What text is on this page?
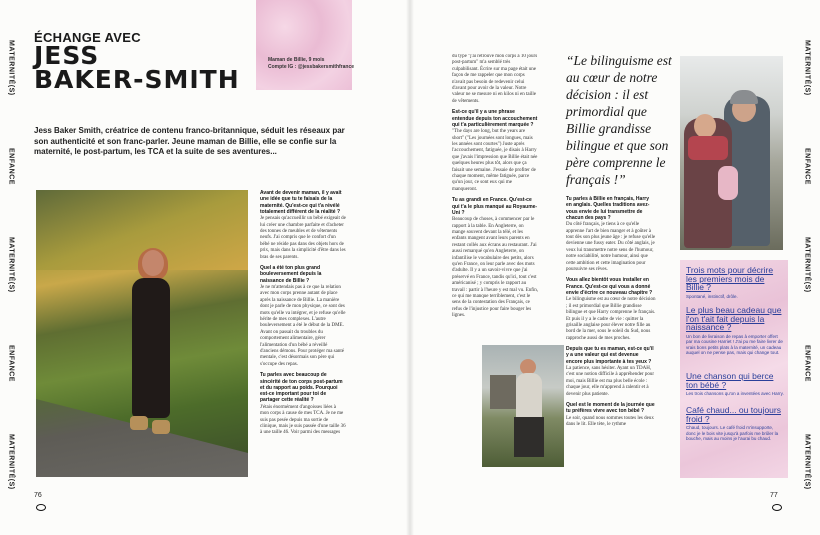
MATERNITÉ(S)
ENFANCE
MATERNITÉ(S)
ENFANCE
MATERNITÉ(S)
MATERNITÉ(S)
ENFANCE
MATERNITÉ(S)
ENFANCE
MATERNITÉ(S)
ÉCHANGE AVEC
JESS
BAKER-SMITH
Maman de Billie, 9 mois
Compte IG : @jessbakersmithfrance

Jess Baker Smith, créatrice de contenu franco-britannique, séduit les réseaux par son authenticité et son franc-parler. Jeune maman de Billie, elle se confie sur la maternité, le post-partum, les TCA et la suite de ses aventures...

Avant de devenir maman, il y avait une idée que tu te faisais de la maternité. Qu'est-ce qui t'a révélé totalement différent de la réalité ?
Je pensais qu'accueillir un bébé exigeait de lui créer une chambre parfaite et d'acheter des tonnes de meubles et de vêtements neufs. J'ai compris que le confort d'un bébé ne réside pas dans des objets hors de prix, mais dans la simplicité d'être dans les bras de ses parents.
Quel a été ton plus grand bouleversement depuis la naissance de Billie ?
Je ne m'attendais pas à ce que la relation avec mon corps prenne autant de place après la naissance de Billie. La manière dont je parle de mon physique, ce sont des mots qu'elle va intégrer, et je refuse qu'elle hérite de mes complexes. L'autre bouleversement a été le début de la DME. Avant on passait du troubles du comportement alimentaire, gérer l'alimentation d'un bébé a réveillé d'anciens démons. Pour protéger ma santé mentale, c'est désormais son père qui s'occupe des repas.
Tu parles avec beaucoup de sincérité de ton corps post-partum et du rapport au poids. Pourquoi est-ce important pour toi de partager cette réalité ?
J'étais énormément d'angoisses liées à mon corps à cause de mes TCA. Je ne me suis pas pesée depuis ma sortie de clinique, mais je suis passée d'une taille 36 à une taille 46. Voir parmi des messages
du type "j'ai retrouvé mon corps à 10 jours post-partum" m'a semblé très culpabilisant. Écrire sur ma page était une façon de me rappeler que mon corps n'avait pas besoin de redevenir celui d'avant pour avoir de la valeur. Notre valeur ne se mesure ni en kilos ni en taille de vêtements.
Est-ce qu'il y a une phrase entendue depuis ton accouchement qui t'a particulièrement marquée ?
"The days are long, but the years are short" ("Les journées sont longues, mais les années sont courtes") Juste après l'accouchement, fatiguée, je disais à Harry que j'avais l'impression que Billie était née quelques heures plus tôt, alors que ça faisait une semaine. J'essaie de profiter de chaque moment, même fatiguée, parce qu'un jour, ce sont eux qui me manqueront.
Tu as grandi en France. Qu'est-ce qui t'a le plus manqué au Royaume-Uni ?
Beaucoup de choses, à commencer par le rapport à la table. En Angleterre, on mange souvent devant la télé, et les enfants mangent avant leurs parents en restant collés aux écrans au restaurant. J'ai aussi remarqué qu'en Angleterre, on infantilise le vocabulaire des petits, alors qu'en France, on leur parle avec des mots d'adulte. Il y a un savoir-vivre que j'ai préservé en France, tandis qu'ici, tout c'est américanisé ; y compris le rapport au travail : partir à l'heure y est mal vu. Enfin, ce qui me manque terriblement, c'est le sens de la contestation des Français, ce refus de l'injustice pour faire bouger les lignes.
“Le bilinguisme est au cœur de notre décision : il est primordial que Billie grandisse bilingue et que son père comprenne le français !”
Tu parles à Billie en français, Harry en anglais. Quelles traditions avez-vous envie de lui transmettre de chacun des pays ?
Du côté français, je tiens à ce qu'elle apprenne l'art de bien manger et à goûter à tout dès son plus jeune âge : je refuse qu'elle devienne une fussy eater. Du côté anglais, je veux lui transmettre notre sens de l'humour, notre sociabilité, notre humour, ainsi que cette ambition et cette imagination pour poursuivre ses rêves.
Vous allez bientôt vous installer en France. Qu'est-ce qui vous a donné envie d'écrire ce nouveau chapitre ?
Le bilinguisme est au cœur de notre décision ; il est primordial que Billie grandisse bilingue et que Harry comprenne le français. Et puis il y a le cadre de vie : quitter la grisaille anglaise pour élever notre fille au bord de la mer, sous le soleil du Sud, nous rapproche aussi de mes proches.
Depuis que tu es maman, est-ce qu'il y a une valeur qui est devenue encore plus importante à tes yeux ?
La patience, sans hésiter. Ayant un TDAH, c'est une notion difficile à appréhender pour moi, mais Billie est ma plus belle école : chaque jour, elle m'apprend à ralentir et à devenir plus patiente.
Quel est le moment de la journée que tu préfères vivre avec ton bébé ?
Le soir, quand nous sommes toutes les deux dans le lit. Elle tète, le rythme
Trois mots pour décrire les premiers mois de Billie ?
Spontané, instinctif, drôle.
Le plus beau cadeau que l'on t'ait fait depuis la naissance ?
Un bon de livraison de repas à emporter offert par ma cousine Harriet ! J'ai pu me faire livrer de vrais bons petits plats à la maternité, un cadeau auquel on ne pense pas, mais qui change tout.
Une chanson qui berce ton bébé ?
Les trois chansons qu'on a inventées avec Harry.
Café chaud... ou toujours froid ?
Chaud, toujours. Le café froid m'insupporte, donc je le bois vite jusqu'à parfois me brûler la bouche, mais au moins je l'aurai bu chaud.
76	77
